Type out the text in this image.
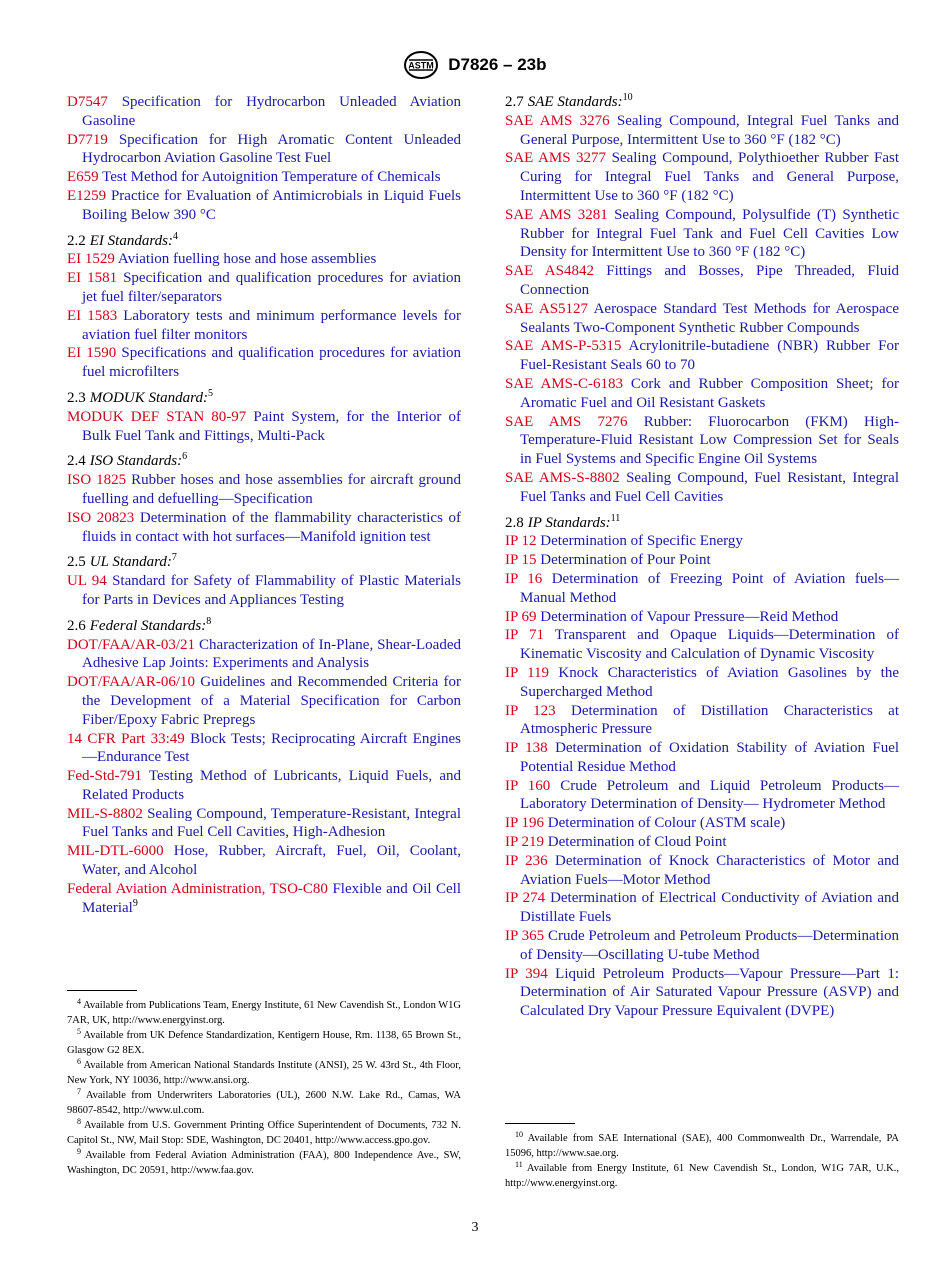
ASTM D7826 – 23b

D7547 Specification for Hydrocarbon Unleaded Aviation Gasoline

D7719 Specification for High Aromatic Content Unleaded Hydrocarbon Aviation Gasoline Test Fuel

E659 Test Method for Autoignition Temperature of Chemicals

E1259 Practice for Evaluation of Antimicrobials in Liquid Fuels Boiling Below 390 °C

2.2 EI Standards:$^4$

EI 1529 Aviation fuelling hose and hose assemblies

EI 1581 Specification and qualification procedures for aviation jet fuel filter/separators

EI 1583 Laboratory tests and minimum performance levels for aviation fuel filter monitors

EI 1590 Specifications and qualification procedures for aviation fuel microfilters

2.3 MODUK Standard:$^5$

MODUK DEF STAN 80-97 Paint System, for the Interior of Bulk Fuel Tank and Fittings, Multi-Pack

2.4 ISO Standards:$^6$

ISO 1825 Rubber hoses and hose assemblies for aircraft ground fuelling and defuelling—Specification

ISO 20823 Determination of the flammability characteristics of fluids in contact with hot surfaces—Manifold ignition test

2.5 UL Standard:$^7$

UL 94 Standard for Safety of Flammability of Plastic Materials for Parts in Devices and Appliances Testing

2.6 Federal Standards:$^8$

DOT/FAA/AR-03/21 Characterization of In-Plane, Shear-Loaded Adhesive Lap Joints: Experiments and Analysis

DOT/FAA/AR-06/10 Guidelines and Recommended Criteria for the Development of a Material Specification for Carbon Fiber/Epoxy Fabric Prepregs

14 CFR Part 33:49 Block Tests; Reciprocating Aircraft Engines—Endurance Test

Fed-Std-791 Testing Method of Lubricants, Liquid Fuels, and Related Products

MIL-S-8802 Sealing Compound, Temperature-Resistant, Integral Fuel Tanks and Fuel Cell Cavities, High-Adhesion

MIL-DTL-6000 Hose, Rubber, Aircraft, Fuel, Oil, Coolant, Water, and Alcohol

Federal Aviation Administration, TSO-C80 Flexible and Oil Cell Material$^9$

2.7 SAE Standards:$^{10}$

SAE AMS 3276 Sealing Compound, Integral Fuel Tanks and General Purpose, Intermittent Use to 360 °F (182 °C)

SAE AMS 3277 Sealing Compound, Polythioether Rubber Fast Curing for Integral Fuel Tanks and General Purpose, Intermittent Use to 360 °F (182 °C)

SAE AMS 3281 Sealing Compound, Polysulfide (T) Synthetic Rubber for Integral Fuel Tank and Fuel Cell Cavities Low Density for Intermittent Use to 360 °F (182 °C)

SAE AS4842 Fittings and Bosses, Pipe Threaded, Fluid Connection

SAE AS5127 Aerospace Standard Test Methods for Aerospace Sealants Two-Component Synthetic Rubber Compounds

SAE AMS-P-5315 Acrylonitrile-butadiene (NBR) Rubber For Fuel-Resistant Seals 60 to 70

SAE AMS-C-6183 Cork and Rubber Composition Sheet; for Aromatic Fuel and Oil Resistant Gaskets

SAE AMS 7276 Rubber: Fluorocarbon (FKM) High-Temperature-Fluid Resistant Low Compression Set for Seals in Fuel Systems and Specific Engine Oil Systems

SAE AMS-S-8802 Sealing Compound, Fuel Resistant, Integral Fuel Tanks and Fuel Cell Cavities

2.8 IP Standards:$^{11}$

IP 12 Determination of Specific Energy

IP 15 Determination of Pour Point

IP 16 Determination of Freezing Point of Aviation fuels—Manual Method

IP 69 Determination of Vapour Pressure—Reid Method

IP 71 Transparent and Opaque Liquids—Determination of Kinematic Viscosity and Calculation of Dynamic Viscosity

IP 119 Knock Characteristics of Aviation Gasolines by the Supercharged Method

IP 123 Determination of Distillation Characteristics at Atmospheric Pressure

IP 138 Determination of Oxidation Stability of Aviation Fuel Potential Residue Method

IP 160 Crude Petroleum and Liquid Petroleum Products—Laboratory Determination of Density— Hydrometer Method

IP 196 Determination of Colour (ASTM scale)

IP 219 Determination of Cloud Point

IP 236 Determination of Knock Characteristics of Motor and Aviation Fuels—Motor Method

IP 274 Determination of Electrical Conductivity of Aviation and Distillate Fuels

IP 365 Crude Petroleum and Petroleum Products—Determination of Density—Oscillating U-tube Method

IP 394 Liquid Petroleum Products—Vapour Pressure—Part 1: Determination of Air Saturated Vapour Pressure (ASVP) and Calculated Dry Vapour Pressure Equivalent (DVPE)

$^4$ Available from Publications Team, Energy Institute, 61 New Cavendish St., London W1G 7AR, UK, http://www.energyinst.org.

$^5$ Available from UK Defence Standardization, Kentigern House, Rm. 1138, 65 Brown St., Glasgow G2 8EX.

$^6$ Available from American National Standards Institute (ANSI), 25 W. 43rd St., 4th Floor, New York, NY 10036, http://www.ansi.org.

$^7$ Available from Underwriters Laboratories (UL), 2600 N.W. Lake Rd., Camas, WA 98607-8542, http://www.ul.com.

$^8$ Available from U.S. Government Printing Office Superintendent of Documents, 732 N. Capitol St., NW, Mail Stop: SDE, Washington, DC 20401, http://www.access.gpo.gov.

$^9$ Available from Federal Aviation Administration (FAA), 800 Independence Ave., SW, Washington, DC 20591, http://www.faa.gov.

$^{10}$ Available from SAE International (SAE), 400 Commonwealth Dr., Warrendale, PA 15096, http://www.sae.org.

$^{11}$ Available from Energy Institute, 61 New Cavendish St., London, W1G 7AR, U.K., http://www.energyinst.org.

3
